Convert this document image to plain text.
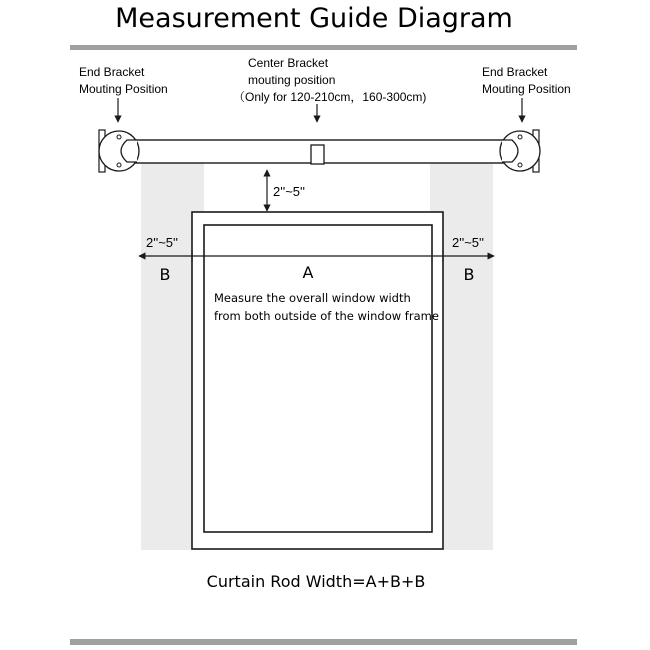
Measurement Guide Diagram
End Bracket Mouting Position
Center Bracket mouting position （Only for 120-210cm，160-300cm)
End Bracket Mouting Position
2''~5''
2''~5''	2''~5''
B	A	B
Measure the overall window width from both outside of the window frame
Curtain Rod Width=A+B+B
